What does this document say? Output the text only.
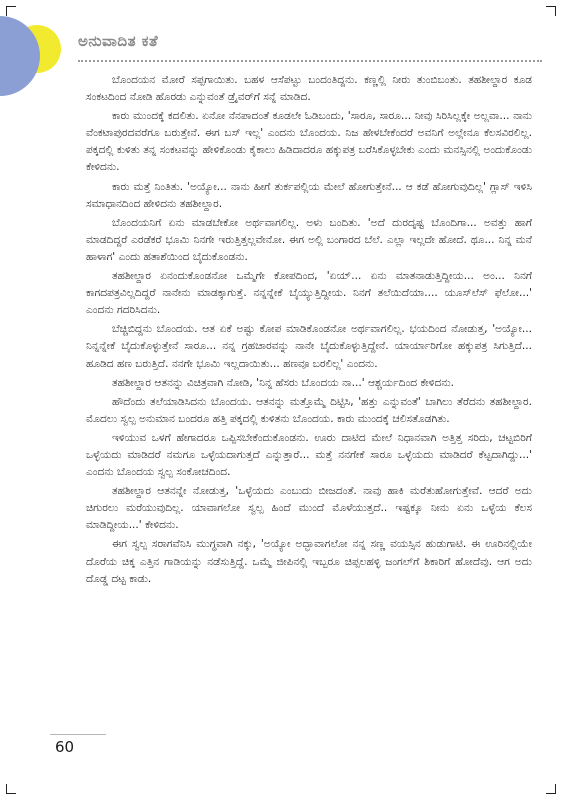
ಅನುವಾದಿತ ಕತೆ

ಬೊಂದಯನ ಮೋರೆ ಸಪ್ಪಗಾಯಿತು. ಬಹಳ ಆಸೆಪಟ್ಟು ಬಂದಂತಿದ್ದನು. ಕಣ್ಣಲ್ಲಿ ನೀರು ತುಂಬಿಬಂತು. ತಹಶೀಲ್ದಾರ ಕೂಡ ಸಂಕಟದಿಂದ ನೋಡಿ ಹೊರಡು ಎನ್ನುವಂತೆ ಡ್ರೈವರ್‌ಗೆ ಸನ್ನೆ ಮಾಡಿದ.

ಕಾರು ಮುಂದಕ್ಕೆ ಕದಲಿತು. ಏನೋ ನೆನಪಾದಂತೆ ಕೂಡಲೇ ಓಡಿಬಂದು, 'ಸಾರೂ, ಸಾರೂ... ನೀವು ಸಿರಿಸಿಲ್ಲಕ್ಕೇ ಅಲ್ಲವಾ... ನಾನು ವೆಂಕಟಾಪುರದವರೆಗೂ ಬರುತ್ತೇನೆ. ಈಗ ಬಸ್ ಇಲ್ಲ' ಎಂದನು ಬೊಂದಯ. ನಿಜ ಹೇಳಬೇಕೆಂದರೆ ಅವನಿಗೆ ಅಲ್ಲೇನೂ ಕೆಲಸವಿರಲಿಲ್ಲ. ಪಕ್ಕದಲ್ಲಿ ಕುಳಿತು ತನ್ನ ಸಂಕಟವನ್ನು ಹೇಳಿಕೊಂಡು ಕೈಕಾಲು ಹಿಡಿದಾದರೂ ಹಕ್ಕುಪತ್ರ ಬರೆಸಿಕೊಳ್ಳಬೇಕು ಎಂದು ಮನಸ್ಸಿನಲ್ಲಿ ಅಂದುಕೊಂಡು ಕೇಳಿದನು.

ಕಾರು ಮತ್ತೆ ನಿಂತಿತು. 'ಅಯ್ಯೋ... ನಾನು ಹೀಗೆ ತುರ್ಕಪಲ್ಲಿಯ ಮೇಲೆ ಹೋಗುತ್ತೇನೆ... ಆ ಕಡೆ ಹೋಗುವುದಿಲ್ಲ' ಗ್ಲಾಸ್ ಇಳಿಸಿ ಸಮಾಧಾನದಿಂದ ಹೇಳಿದನು ತಹಶೀಲ್ದಾರ.

ಬೊಂದಯನಿಗೆ ಏನು ಮಾಡಬೇಕೋ ಅರ್ಥವಾಗಲಿಲ್ಲ. ಅಳು ಬಂದಿತು. 'ಅದೆ ದುರದೃಷ್ಟ ಬೊಂದಿಗಾ... ಅವತ್ತು ಹಾಗೆ ಮಾಡದಿದ್ದರೆ ಎರಡೆಕರೆ ಭೂಮಿ ನಿನಗೇ ಇರುತ್ತಿತ್ತಲ್ಲವೇನೋ. ಈಗ ಅಲ್ಲಿ ಬಂಗಾರದ ಬೆಲೆ. ಎಲ್ಲಾ ಇಲ್ಲದೇ ಹೋದೆ. ಥೂ... ನಿನ್ನ ಮನೆ ಹಾಳಾಗ' ಎಂದು ಹತಾಶೆಯಿಂದ ಬೈದುಕೊಂಡನು.

ತಹಶೀಲ್ದಾರ ಏನಂದುಕೊಂಡನೋ ಒಮ್ಮೆಗೇ ಕೋಪದಿಂದ, 'ಏಯ್... ಏನು ಮಾತನಾಡುತ್ತಿದ್ದೀಯ... ಅಂ... ನಿನಗೆ ಕಾಗದಪತ್ರವಿಲ್ಲದಿದ್ದರೆ ನಾನೇನು ಮಾಡಕ್ಕಾಗುತ್ತೆ. ನನ್ನನ್ನೇಕೆ ಬೈಯ್ಯುತ್ತಿದ್ದೀಯ. ನಿನಗೆ ತಲೆಯಿದೆಯಾ.... ಯೂಸ್‌ಲೆಸ್ ಫೆಲೋ...' ಎಂದನು ಗದರಿಸಿದನು.

ಬೆಚ್ಚಿಬಿದ್ದನು ಬೊಂದಯ. ಆತ ಏಕೆ ಅಷ್ಟು ಕೋಪ ಮಾಡಿಕೊಂಡನೋ ಅರ್ಥವಾಗಲಿಲ್ಲ. ಭಯದಿಂದ ನೋಡುತ್ತ, 'ಅಯ್ಯೋ... ನಿನ್ನನ್ನೇಕೆ ಬೈದುಕೊಳ್ಳುತ್ತೇನೆ ಸಾರೂ... ನನ್ನ ಗ್ರಹಚಾರವನ್ನು ನಾನೇ ಬೈದುಕೊಳ್ಳುತ್ತಿದ್ದೇನೆ. ಯಾರ್ಯಾರಿಗೋ ಹಕ್ಕುಪತ್ರ ಸಿಗುತ್ತಿದೆ... ಹೂಡಿದ ಹಣ ಬರುತ್ತಿದೆ. ನನಗೇ ಭೂಮಿ ಇಲ್ಲದಾಯಿತು... ಹಣವೂ ಬರಲಿಲ್ಲ' ಎಂದನು.

ತಹಶೀಲ್ದಾರ ಆತನನ್ನು ವಿಚಿತ್ರವಾಗಿ ನೋಡಿ, 'ನಿನ್ನ ಹೆಸರು ಬೊಂದಯ ನಾ...' ಆಶ್ಚರ್ಯದಿಂದ ಕೇಳಿದನು.

ಹೌದೆಂದು ತಲೆಯಾಡಿಸಿದನು ಬೊಂದಯ. ಆತನನ್ನು ಮತ್ತೊಮ್ಮೆ ದಿಟ್ಟಿಸಿ, 'ಹತ್ತು ಎನ್ನುವಂತೆ' ಬಾಗಿಲು ತೆರೆದನು ತಹಶೀಲ್ದಾರ. ಮೊದಲು ಸ್ವಲ್ಪ ಅನುಮಾನ ಬಂದರೂ ಹತ್ತಿ ಪಕ್ಕದಲ್ಲಿ ಕುಳಿತನು ಬೊಂದಯ. ಕಾರು ಮುಂದಕ್ಕೆ ಚಲಿಸತೊಡಗಿತು.

ಇಳಿಯುವ ಒಳಗೆ ಹೇಗಾದರೂ ಒಪ್ಪಿಸಬೇಕೆಂದುಕೊಂಡನು. ಊರು ದಾಟಿದ ಮೇಲೆ ನಿಧಾನವಾಗಿ ಅತ್ತಿತ್ತ ಸರಿದು, ಚಟ್ಟಬಿರಿಗೆ ಒಳ್ಳೆಯದು ಮಾಡಿದರೆ ನಮಗೂ ಒಳ್ಳೆಯದಾಗುತ್ತದೆ ಎನ್ನುತ್ತಾರೆ... ಮತ್ತೆ ನನಗೇಕೆ ಸಾರೂ ಒಳ್ಳೆಯದು ಮಾಡಿದರೆ ಕೆಟ್ಟದಾಗಿದ್ದು...' ಎಂದನು ಬೊಂದಯ ಸ್ವಲ್ಪ ಸಂಕೋಚದಿಂದ.

ತಹಶೀಲ್ದಾರ ಆತನನ್ನೇ ನೋಡುತ್ತ, 'ಒಳ್ಳೆಯದು ಎಂಬುದು ಬೀಜದಂತೆ. ನಾವು ಹಾಕಿ ಮರೆತುಹೋಗುತ್ತೇವೆ. ಆದರೆ ಅದು ಚಿಗುರಲು ಮರೆಯುವುದಿಲ್ಲ. ಯಾವಾಗಲೋ ಸ್ವಲ್ಪ ಹಿಂದೆ ಮುಂದೆ ಮೊಳೆಯುತ್ತದೆ.. ಇಷ್ಟಕ್ಕೂ ನೀನು ಏನು ಒಳ್ಳೆಯ ಕೆಲಸ ಮಾಡಿದ್ದೀಯ...' ಕೇಳಿದನು.

ಈಗ ಸ್ವಲ್ಪ ಸರಾಗವೆನಿಸಿ ಮುಗ್ಧವಾಗಿ ನಕ್ಕು, 'ಅಯ್ಯೋ ಅದ್ಭಾವಾಗಲೋ ನನ್ನ ಸಣ್ಣ ವಯಸ್ಸಿನ ಹುಡುಗಾಟಿ. ಈ ಊರಿನಲ್ಲಿಯೇ ದೊರೆಯ ಚಿಕ್ಕ ಎತ್ತಿನ ಗಾಡಿಯನ್ನು ನಡೆಸುತ್ತಿದ್ದೆ. ಒಮ್ಮೆ ಜೀಪಿನಲ್ಲಿ ಇಬ್ಬರೂ ಚಿಪ್ಪಲಹಳ್ಳಿ ಜಂಗಲ್‌ಗೆ ಶಿಕಾರಿಗೆ ಹೋದೆವು. ಆಗ ಅದು ದೊಡ್ಡ ದಟ್ಟ ಕಾಡು.

60
